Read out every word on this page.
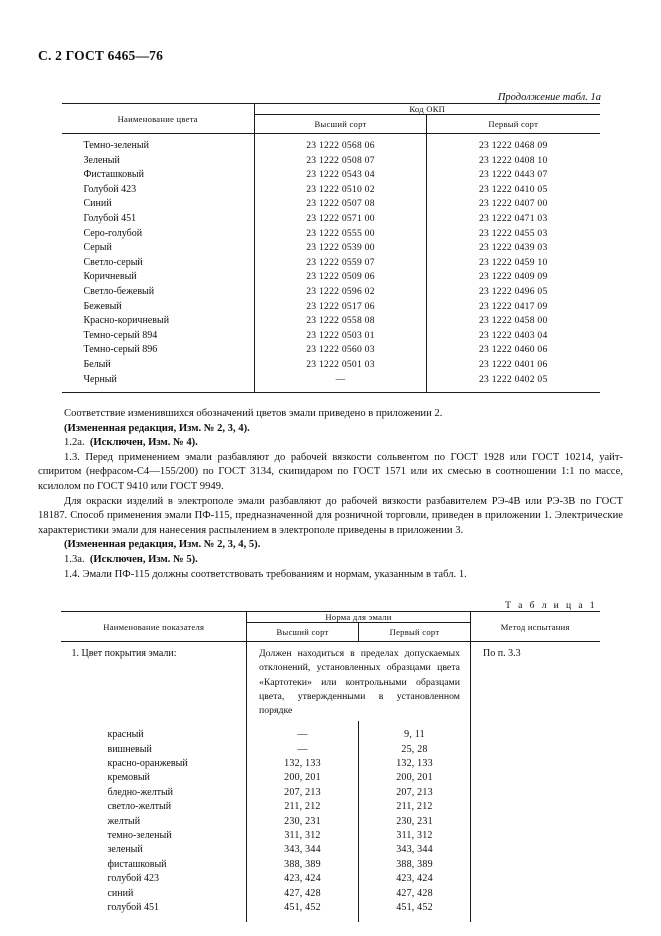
С. 2 ГОСТ 6465—76
Продолжение табл. 1а
Наименование цвета	Код ОКП	
	Высший сорт	Первый сорт

Темно-зеленый	23 1222 0568 06	23 1222 0468 09
Зеленый	23 1222 0508 07	23 1222 0408 10
Фисташковый	23 1222 0543 04	23 1222 0443 07
Голубой 423	23 1222 0510 02	23 1222 0410 05
Синий	23 1222 0507 08	23 1222 0407 00
Голубой 451	23 1222 0571 00	23 1222 0471 03
Серо-голубой	23 1222 0555 00	23 1222 0455 03
Серый	23 1222 0539 00	23 1222 0439 03
Светло-серый	23 1222 0559 07	23 1222 0459 10
Коричневый	23 1222 0509 06	23 1222 0409 09
Светло-бежевый	23 1222 0596 02	23 1222 0496 05
Бежевый	23 1222 0517 06	23 1222 0417 09
Красно-коричневый	23 1222 0558 08	23 1222 0458 00
Темно-серый 894	23 1222 0503 01	23 1222 0403 04
Темно-серый 896	23 1222 0560 03	23 1222 0460 06
Белый	23 1222 0501 03	23 1222 0401 06
Черный	—	23 1222 0402 05

Соответствие изменившихся обозначений цветов эмали приведено в приложении 2.

(Измененная редакция, Изм. № 2, 3, 4).

1.2а. (Исключен, Изм. № 4).

1.3. Перед применением эмали разбавляют до рабочей вязкости сольвентом по ГОСТ 1928 или ГОСТ 10214, уайт-спиритом (нефрасом-С4—155/200) по ГОСТ 3134, скипидаром по ГОСТ 1571 или их смесью в соотношении 1:1 по массе, ксилолом по ГОСТ 9410 или ГОСТ 9949.

Для окраски изделий в электрополе эмали разбавляют до рабочей вязкости разбавителем РЭ-4В или РЭ-3В по ГОСТ 18187. Способ применения эмали ПФ-115, предназначенной для розничной торговли, приведен в приложении 1. Электрические характеристики эмали для нанесения распылением в электрополе приведены в приложении 3.

(Измененная редакция, Изм. № 2, 3, 4, 5).

1.3а. (Исключен, Изм. № 5).

1.4. Эмали ПФ-115 должны соответствовать требованиям и нормам, указанным в табл. 1.

Т а б л и ц а 1
Наименование показателя	Норма для эмали		Метод испытания
	Высший сорт	Первый сорт	
1. Цвет покрытия эмали:	Должен находиться в пределах допускаемых отклонений, установленных образцами цвета «Картотеки» или контрольными образцами цвета, утвержденными в установленном порядке		По п. 3.3

красный	—	9, 11	
вишневый	—	25, 28	
красно-оранжевый	132, 133	132, 133	
кремовый	200, 201	200, 201	
бледно-желтый	207, 213	207, 213	
светло-желтый	211, 212	211, 212	
желтый	230, 231	230, 231	
темно-зеленый	311, 312	311, 312	
зеленый	343, 344	343, 344	
фисташковый	388, 389	388, 389	
голубой 423	423, 424	423, 424	
синий	427, 428	427, 428	
голубой 451	451, 452	451, 452	
